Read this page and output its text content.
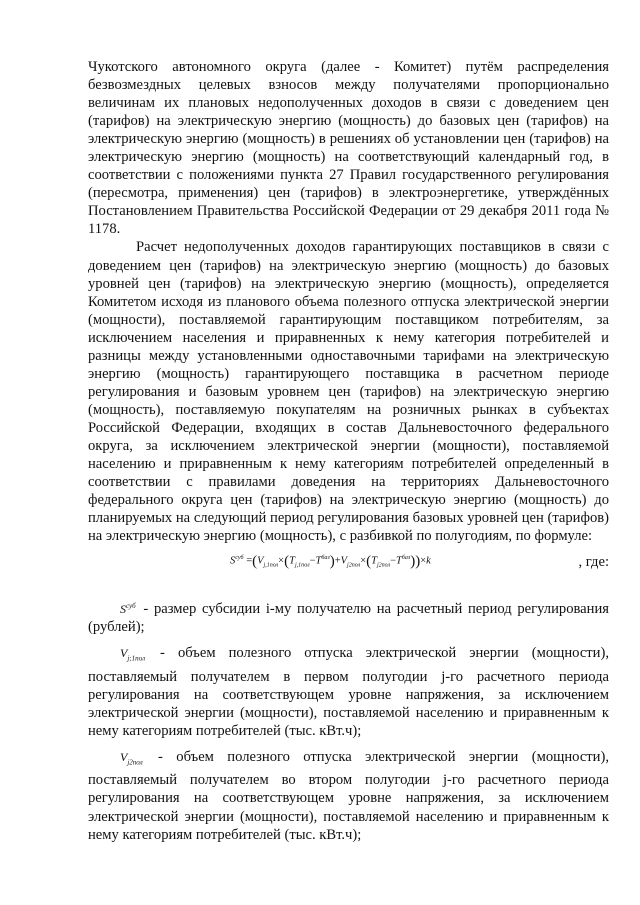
Чукотского автономного округа (далее - Комитет) путём распределения безвозмездных целевых взносов между получателями пропорционально величинам их плановых недополученных доходов в связи с доведением цен (тарифов) на электрическую энергию (мощность) до базовых цен (тарифов) на электрическую энергию (мощность) в решениях об установлении цен (тарифов) на электрическую энергию (мощность) на соответствующий календарный год, в соответствии с положениями пункта 27 Правил государственного регулирования (пересмотра, применения) цен (тарифов) в электроэнергетике, утверждённых Постановлением Правительства Российской Федерации от 29 декабря 2011 года № 1178.

Расчет недополученных доходов гарантирующих поставщиков в связи с доведением цен (тарифов) на электрическую энергию (мощность) до базовых уровней цен (тарифов) на электрическую энергию (мощность), определяется Комитетом исходя из планового объема полезного отпуска электрической энергии (мощности), поставляемой гарантирующим поставщиком потребителям, за исключением населения и приравненных к нему категория потребителей и разницы между установленными одноставочными тарифами на электрическую энергию (мощность) гарантирующего поставщика в расчетном периоде регулирования и базовым уровнем цен (тарифов) на электрическую энергию (мощность), поставляемую покупателям на розничных рынках в субъектах Российской Федерации, входящих в состав Дальневосточного федерального округа, за исключением электрической энергии (мощности), поставляемой населению и приравненным к нему категориям потребителей определенный в соответствии с правилами доведения на территориях Дальневосточного федерального округа цен (тарифов) на электрическую энергию (мощность) до планируемых на следующий период регулирования базовых уровней цен (тарифов) на электрическую энергию (мощность), с разбивкой по полугодиям, по формуле:

$S^{суб} =(V_{j,1пол}\times(T_{j,1пол}-T^{баз})+V_{j2пол}\times(T_{j2пол}-T^{баз}))\times k$	, где:

$S^{суб}$ - размер субсидии i-му получателю на расчетный период регулирования (рублей);

$V_{j;1пол}$ - объем полезного отпуска электрической энергии (мощности), поставляемый получателем в первом полугодии j-го расчетного периода регулирования на соответствующем уровне напряжения, за исключением электрической энергии (мощности), поставляемой населению и приравненным к нему категориям потребителей (тыс. кВт.ч);

$V_{j2пол}$ - объем полезного отпуска электрической энергии (мощности), поставляемый получателем во втором полугодии j-го расчетного периода регулирования на соответствующем уровне напряжения, за исключением электрической энергии (мощности), поставляемой населению и приравненным к нему категориям потребителей (тыс. кВт.ч);
